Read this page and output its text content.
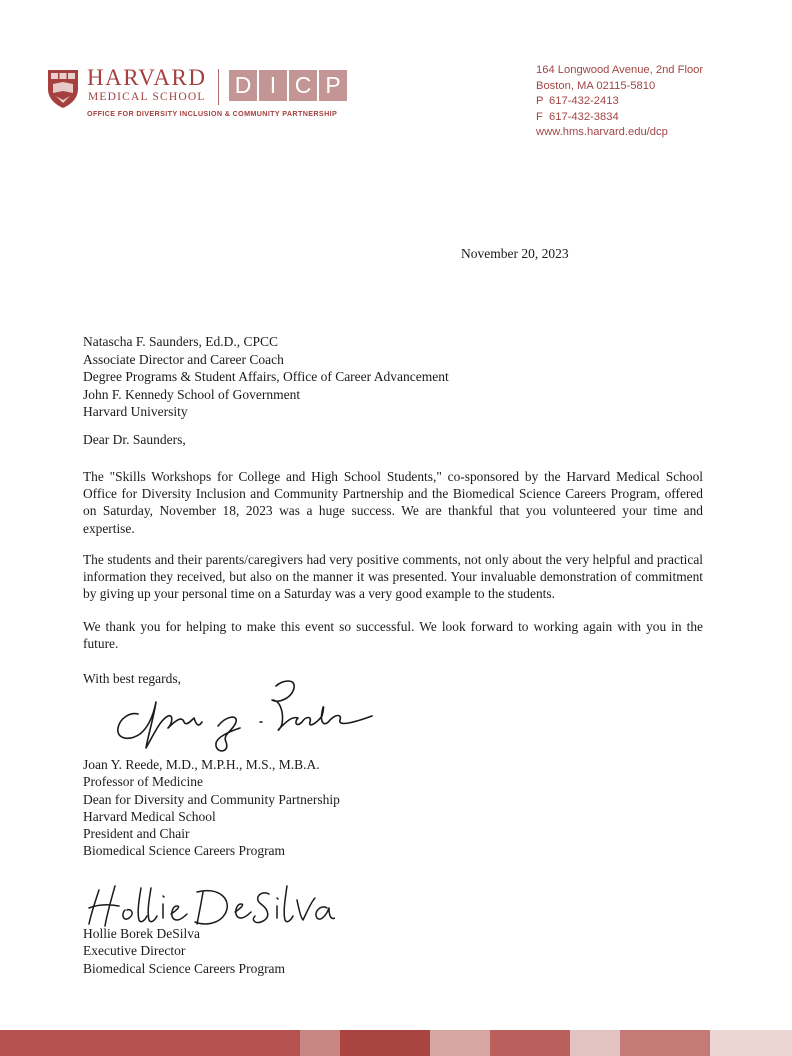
HARVARD
MEDICAL SCHOOL D I C P
OFFICE FOR DIVERSITY INCLUSION & COMMUNITY PARTNERSHIP
164 Longwood Avenue, 2nd Floor
Boston, MA 02115-5810
P 617-432-2413
F 617-432-3834
www.hms.harvard.edu/dcp
November 20, 2023
Natascha F. Saunders, Ed.D., CPCC
Associate Director and Career Coach
Degree Programs & Student Affairs, Office of Career Advancement
John F. Kennedy School of Government
Harvard University
Dear Dr. Saunders,

The "Skills Workshops for College and High School Students," co-sponsored by the Harvard Medical School Office for Diversity Inclusion and Community Partnership and the Biomedical Science Careers Program, offered on Saturday, November 18, 2023 was a huge success. We are thankful that you volunteered your time and expertise.

The students and their parents/caregivers had very positive comments, not only about the very helpful and practical information they received, but also on the manner it was presented. Your invaluable demonstration of commitment by giving up your personal time on a Saturday was a very good example to the students.

We thank you for helping to make this event so successful. We look forward to working again with you in the future.

With best regards,
Joan Y. Reede, M.D., M.P.H., M.S., M.B.A.
Professor of Medicine
Dean for Diversity and Community Partnership
Harvard Medical School
President and Chair
Biomedical Science Careers Program
Hollie Borek DeSilva
Executive Director
Biomedical Science Careers Program
